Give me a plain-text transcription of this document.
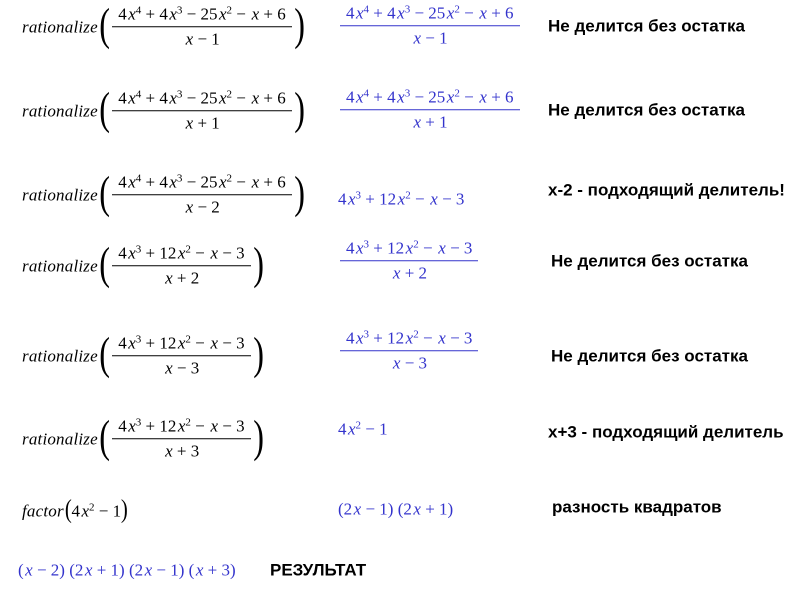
rationalize( $\frac{4x^4 + 4x^3 - 25x^2 - x + 6}{x - 1}$ ) $\frac{4x^4 + 4x^3 - 25x^2 - x + 6}{x - 1}$ Не делится без остатка
rationalize( $\frac{4x^4 + 4x^3 - 25x^2 - x + 6}{x + 1}$ ) $\frac{4x^4 + 4x^3 - 25x^2 - x + 6}{x + 1}$ Не делится без остатка
rationalize( $\frac{4x^4 + 4x^3 - 25x^2 - x + 6}{x - 2}$ ) $4x^3 + 12x^2 - x - 3$	x-2 - подходящий делитель!
rationalize( $\frac{4x^3 + 12x^2 - x - 3}{x + 2}$ )	$\frac{4x^3 + 12x^2 - x - 3}{x + 2}$	Не делится без остатка
rationalize( $\frac{4x^3 + 12x^2 - x - 3}{x - 3}$ )	$\frac{4x^3 + 12x^2 - x - 3}{x - 3}$	Не делится без остатка
rationalize( $\frac{4x^3 + 12x^2 - x - 3}{x + 3}$ )	$4x^2 - 1$	x+3 - подходящий делитель
$factor(4x^2 - 1)$	(2x − 1) (2x + 1)	разность квадратов
(x − 2) (2x + 1) (2x − 1) (x + 3) РЕЗУЛЬТАТ
